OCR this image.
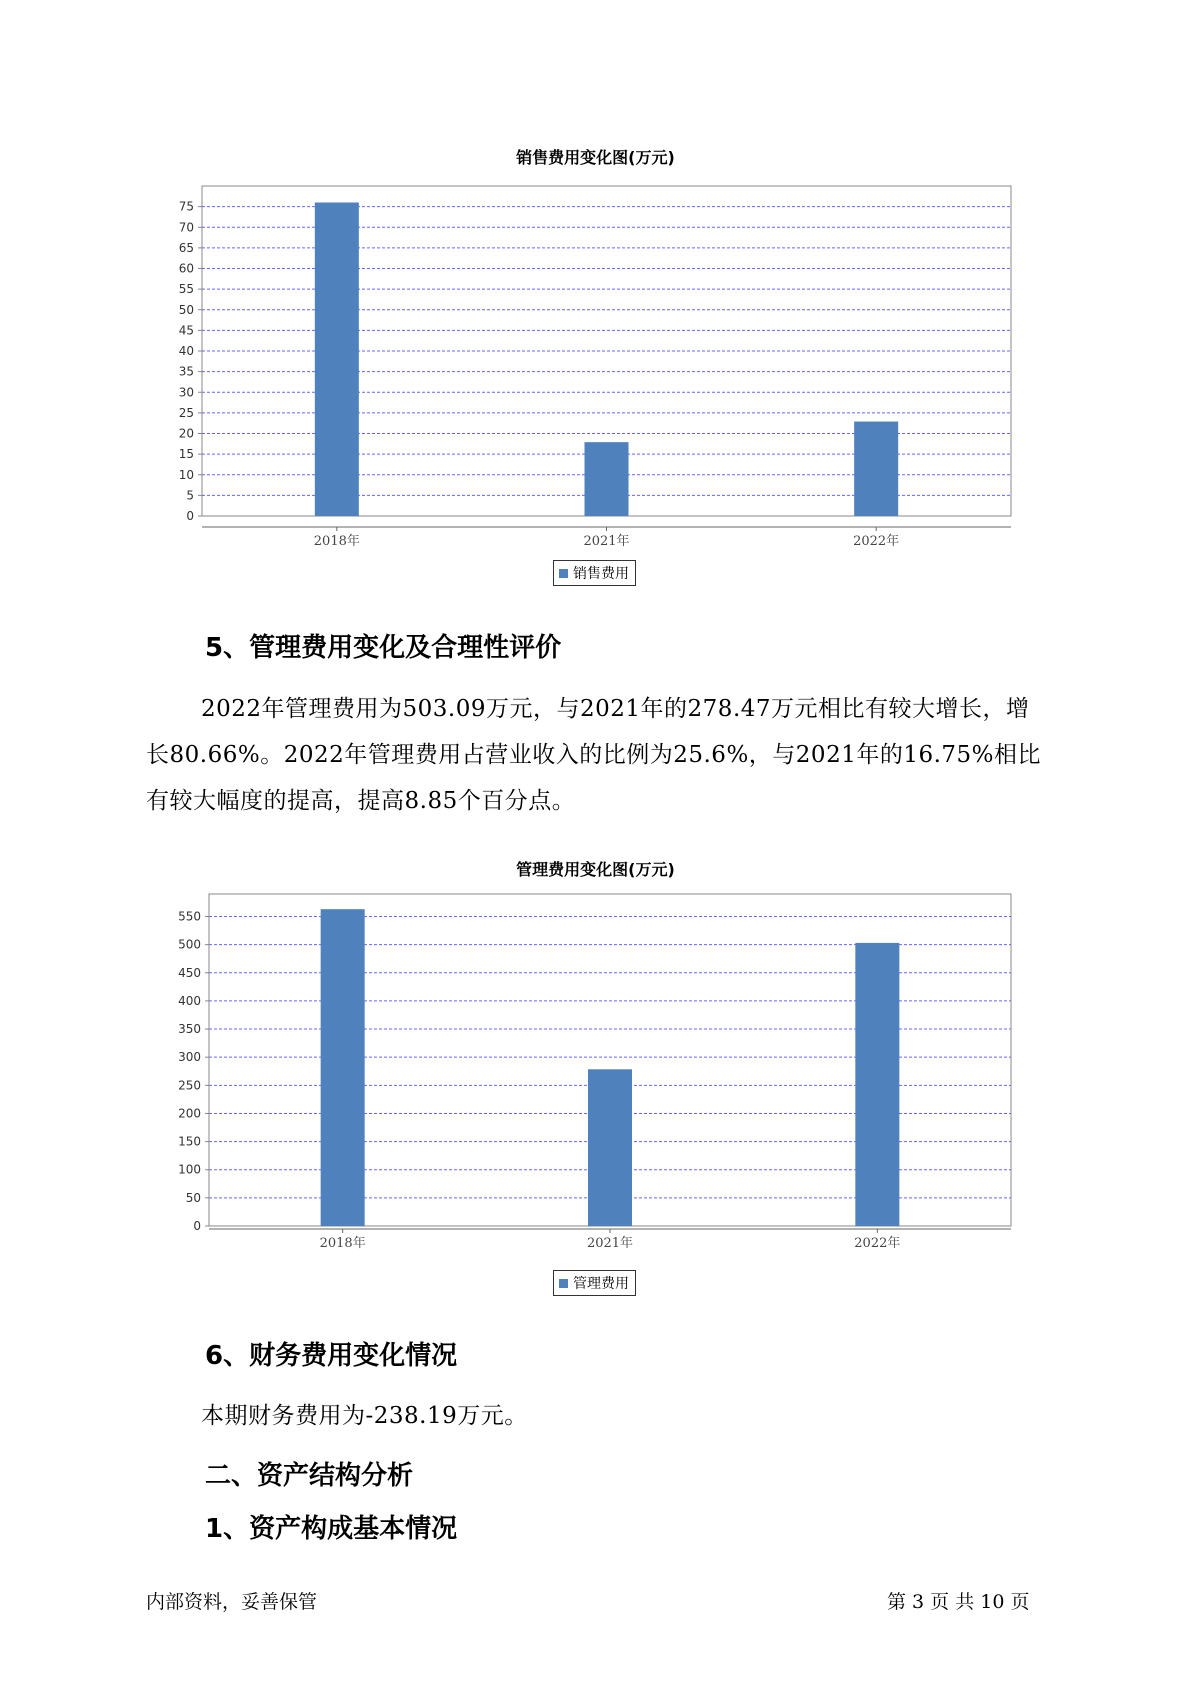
销售费用变化图(万元)
0
5
10
15
20
25
30
35
40
45
50
55
60
65
70
75
2018年	2021年	2022年
销售费用
5、管理费用变化及合理性评价
2022年管理费用为503.09万元，与2021年的278.47万元相比有较大增长，增长80.66%。2022年管理费用占营业收入的比例为25.6%，与2021年的16.75%相比有较大幅度的提高，提高8.85个百分点。
管理费用变化图(万元)
0
50
100
150
200
250
300
350
400
450
500
550
2018年	2021年	2022年
管理费用
6、财务费用变化情况
本期财务费用为-238.19万元。
二、资产结构分析
1、资产构成基本情况
内部资料，妥善保管	第 3 页 共 10 页
